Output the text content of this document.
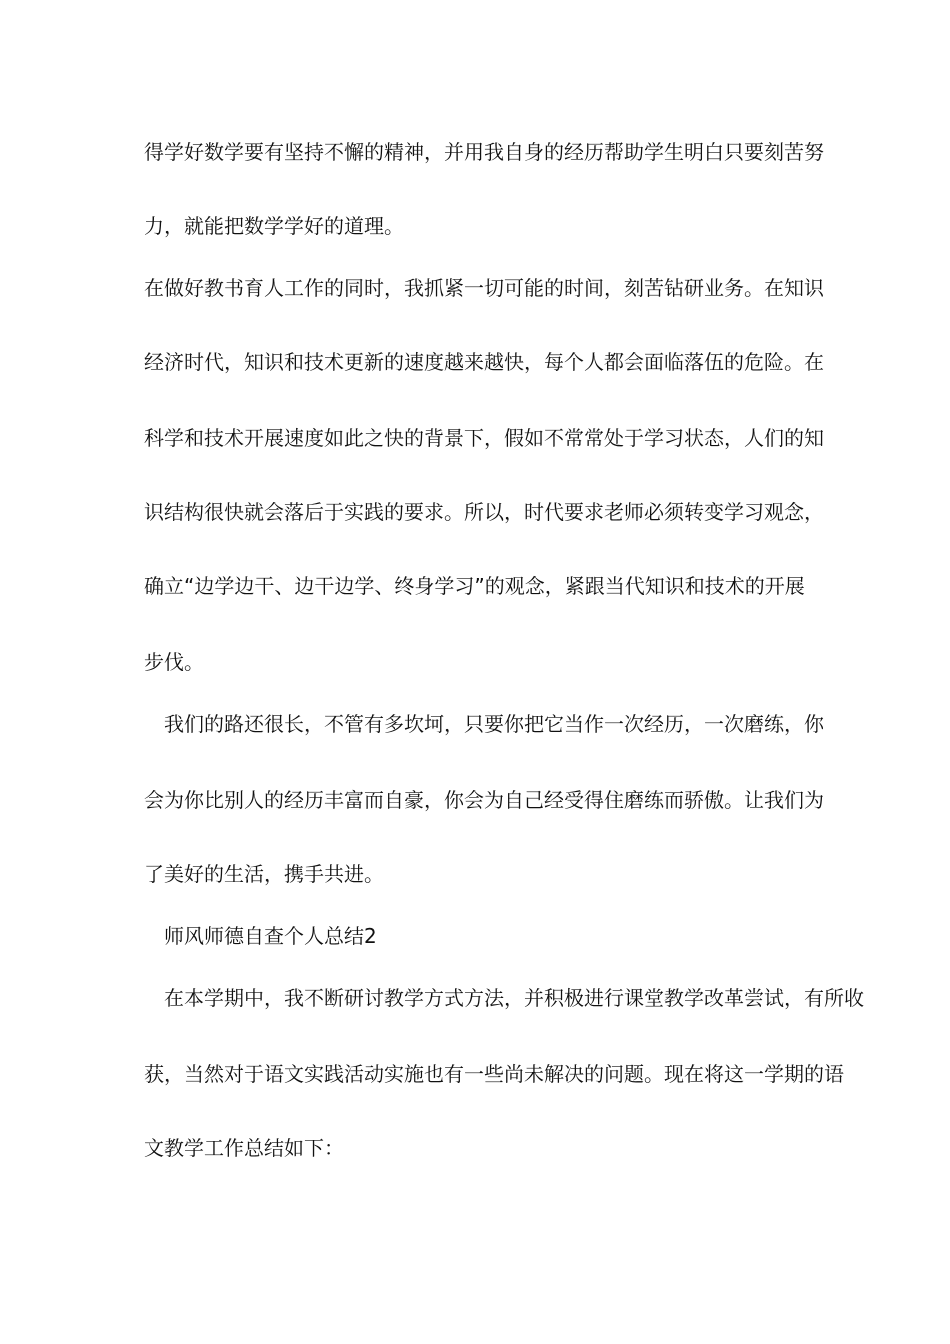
得学好数学要有坚持不懈的精神，并用我自身的经历帮助学生明白只要刻苦努
力，就能把数学学好的道理。
在做好教书育人工作的同时，我抓紧一切可能的时间，刻苦钻研业务。在知识
经济时代，知识和技术更新的速度越来越快，每个人都会面临落伍的危险。在
科学和技术开展速度如此之快的背景下，假如不常常处于学习状态，人们的知
识结构很快就会落后于实践的要求。所以，时代要求老师必须转变学习观念，
确立“边学边干、边干边学、终身学习”的观念，紧跟当代知识和技术的开展
步伐。
我们的路还很长，不管有多坎坷，只要你把它当作一次经历，一次磨练，你
会为你比别人的经历丰富而自豪，你会为自己经受得住磨练而骄傲。让我们为
了美好的生活，携手共进。
师风师德自查个人总结2
在本学期中，我不断研讨教学方式方法，并积极进行课堂教学改革尝试，有所收
获，当然对于语文实践活动实施也有一些尚未解决的问题。现在将这一学期的语
文教学工作总结如下：
